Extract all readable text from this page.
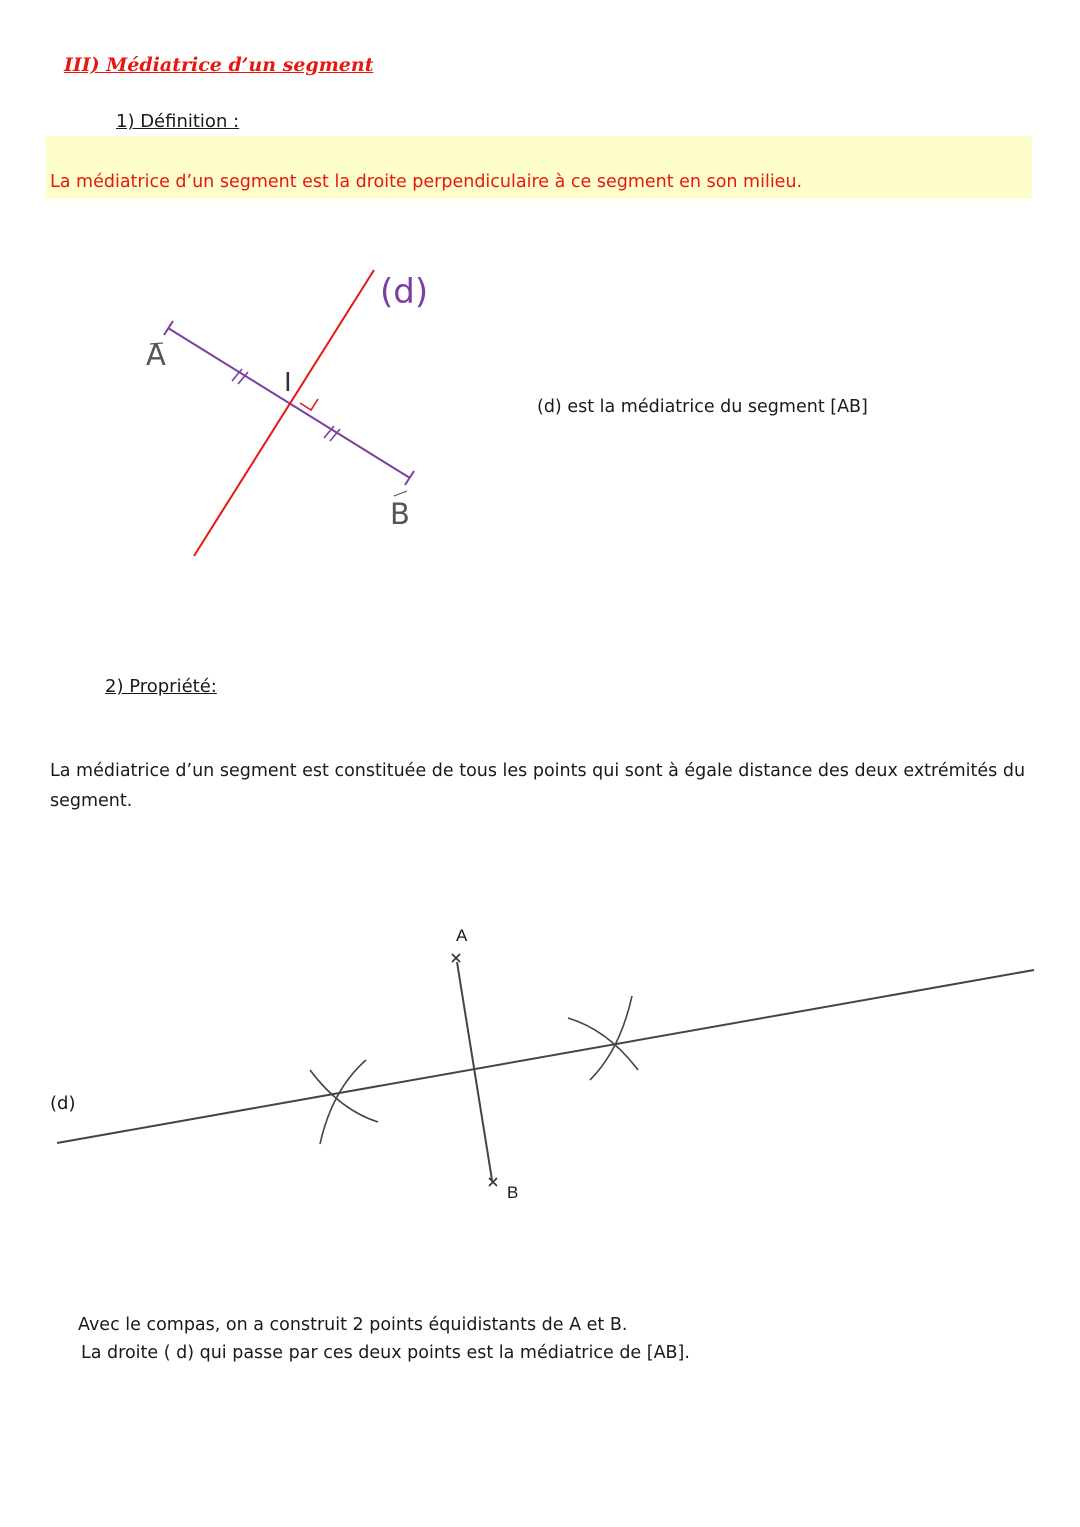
III) Médiatrice d’un segment
1) Définition :
La médiatrice d’un segment est la droite perpendiculaire à ce segment en son milieu.
(d)
A
B
I
(d) est la médiatrice du segment [AB]
2) Propriété:
La médiatrice d’un segment est constituée de tous les points qui sont à égale distance des deux extrémités du segment.
A
B
(d)
Avec le compas, on a construit 2 points équidistants de A et B.
La droite ( d) qui passe par ces deux points est la médiatrice de [AB].
